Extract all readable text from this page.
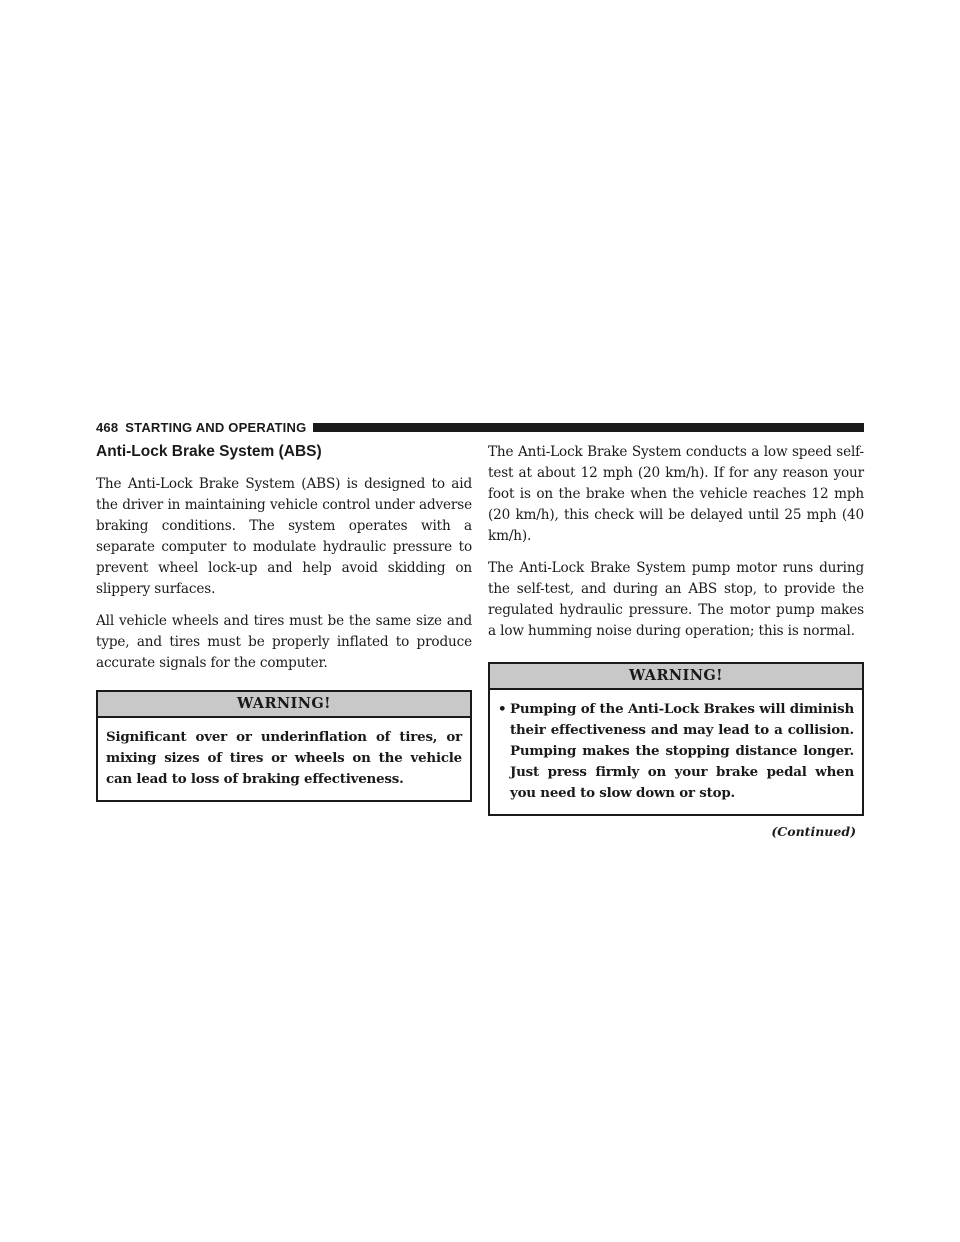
468 STARTING AND OPERATING
Anti-Lock Brake System (ABS)

The Anti-Lock Brake System (ABS) is designed to aid the driver in maintaining vehicle control under adverse braking conditions. The system operates with a separate computer to modulate hydraulic pressure to prevent wheel lock-up and help avoid skidding on slippery surfaces.

All vehicle wheels and tires must be the same size and type, and tires must be properly inflated to produce accurate signals for the computer.

WARNING!
Significant over or underinflation of tires, or mixing sizes of tires or wheels on the vehicle can lead to loss of braking effectiveness.

The Anti-Lock Brake System conducts a low speed self-test at about 12 mph (20 km/h). If for any reason your foot is on the brake when the vehicle reaches 12 mph (20 km/h), this check will be delayed until 25 mph (40 km/h).

The Anti-Lock Brake System pump motor runs during the self-test, and during an ABS stop, to provide the regulated hydraulic pressure. The motor pump makes a low humming noise during operation; this is normal.

WARNING!
• Pumping of the Anti-Lock Brakes will diminish their effectiveness and may lead to a collision. Pumping makes the stopping distance longer. Just press firmly on your brake pedal when you need to slow down or stop.
(Continued)
